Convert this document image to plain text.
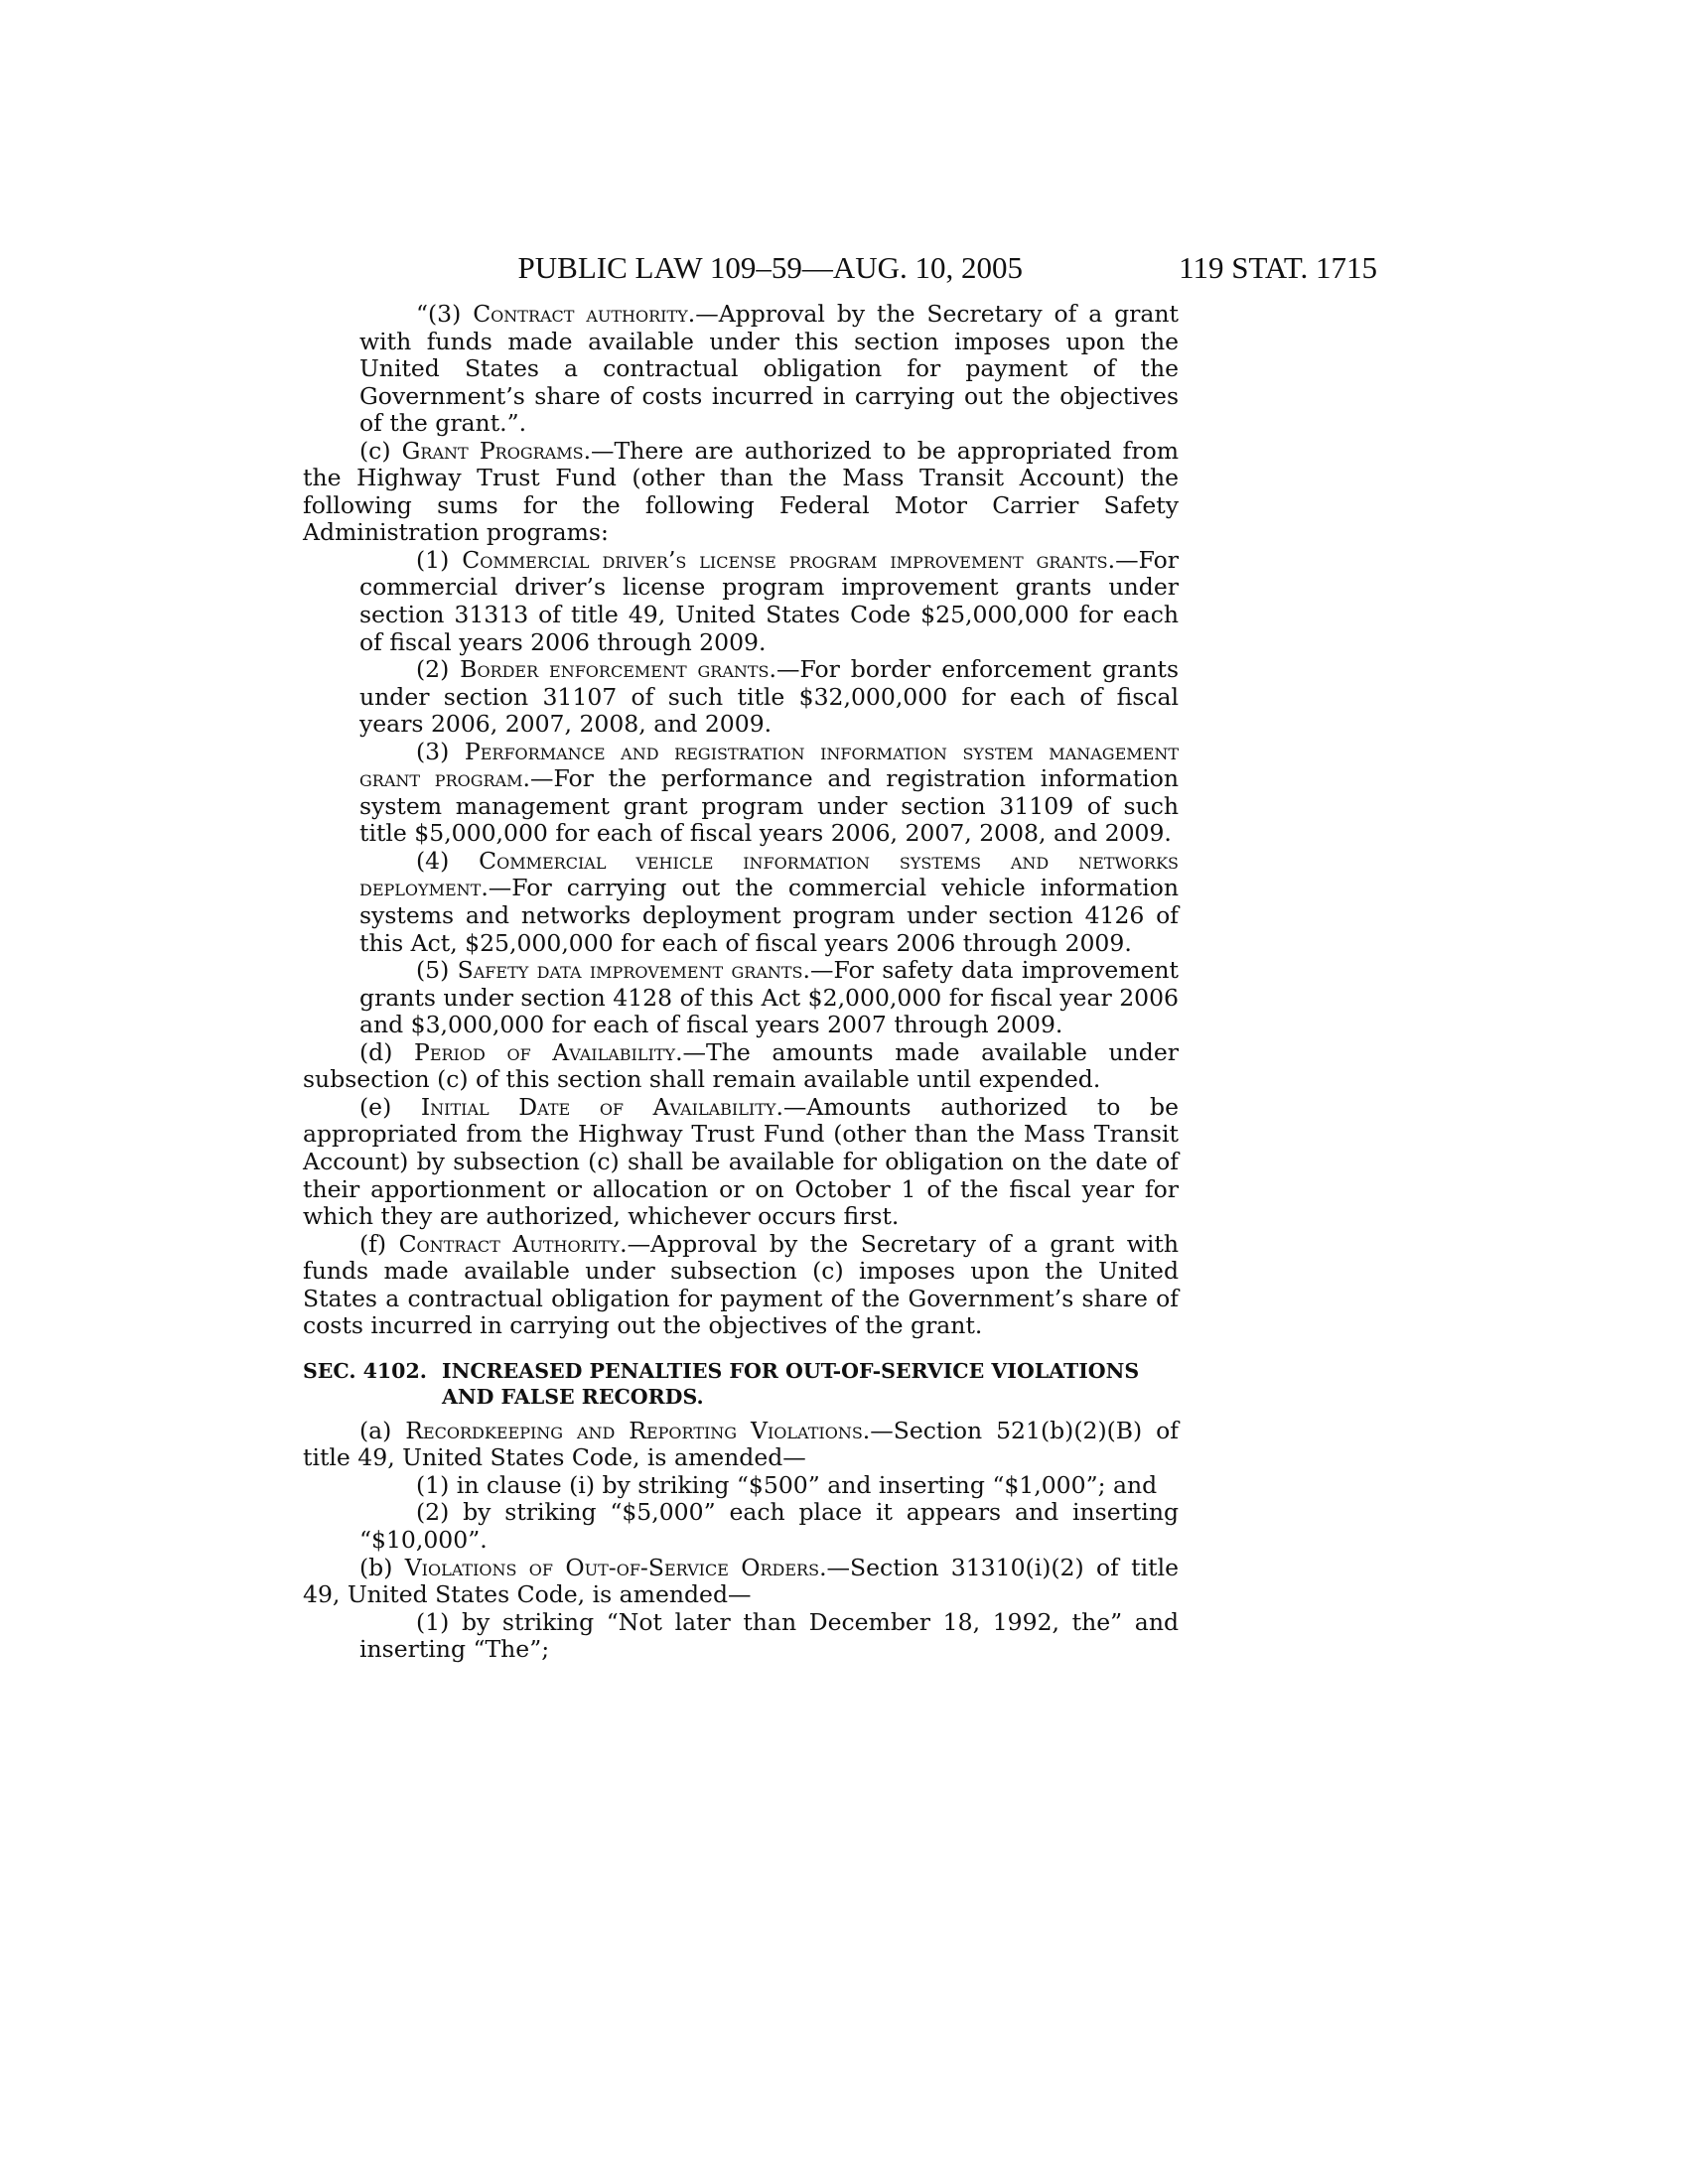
PUBLIC LAW 109–59—AUG. 10, 2005	119 STAT. 1715

“(3) Contract authority.—Approval by the Secretary of a grant with funds made available under this section imposes upon the United States a contractual obligation for payment of the Government’s share of costs incurred in carrying out the objectives of the grant.”.

(c) Grant Programs.—There are authorized to be appropriated from the Highway Trust Fund (other than the Mass Transit Account) the following sums for the following Federal Motor Carrier Safety Administration programs:

(1) Commercial driver’s license program improvement grants.—For commercial driver’s license program improvement grants under section 31313 of title 49, United States Code $25,000,000 for each of fiscal years 2006 through 2009.

(2) Border enforcement grants.—For border enforcement grants under section 31107 of such title $32,000,000 for each of fiscal years 2006, 2007, 2008, and 2009.

(3) Performance and registration information system management grant program.—For the performance and registration information system management grant program under section 31109 of such title $5,000,000 for each of fiscal years 2006, 2007, 2008, and 2009.

(4) Commercial vehicle information systems and networks deployment.—For carrying out the commercial vehicle information systems and networks deployment program under section 4126 of this Act, $25,000,000 for each of fiscal years 2006 through 2009.

(5) Safety data improvement grants.—For safety data improvement grants under section 4128 of this Act $2,000,000 for fiscal year 2006 and $3,000,000 for each of fiscal years 2007 through 2009.

(d) Period of Availability.—The amounts made available under subsection (c) of this section shall remain available until expended.

(e) Initial Date of Availability.—Amounts authorized to be appropriated from the Highway Trust Fund (other than the Mass Transit Account) by subsection (c) shall be available for obligation on the date of their apportionment or allocation or on October 1 of the fiscal year for which they are authorized, whichever occurs first.

(f) Contract Authority.—Approval by the Secretary of a grant with funds made available under subsection (c) imposes upon the United States a contractual obligation for payment of the Government’s share of costs incurred in carrying out the objectives of the grant.

SEC. 4102. INCREASED PENALTIES FOR OUT-OF-SERVICE VIOLATIONS AND FALSE RECORDS.

(a) Recordkeeping and Reporting Violations.—Section 521(b)(2)(B) of title 49, United States Code, is amended—

(1) in clause (i) by striking “$500” and inserting “$1,000”; and

(2) by striking “$5,000” each place it appears and inserting “$10,000”.

(b) Violations of Out-of-Service Orders.—Section 31310(i)(2) of title 49, United States Code, is amended—

(1) by striking “Not later than December 18, 1992, the” and inserting “The”;
